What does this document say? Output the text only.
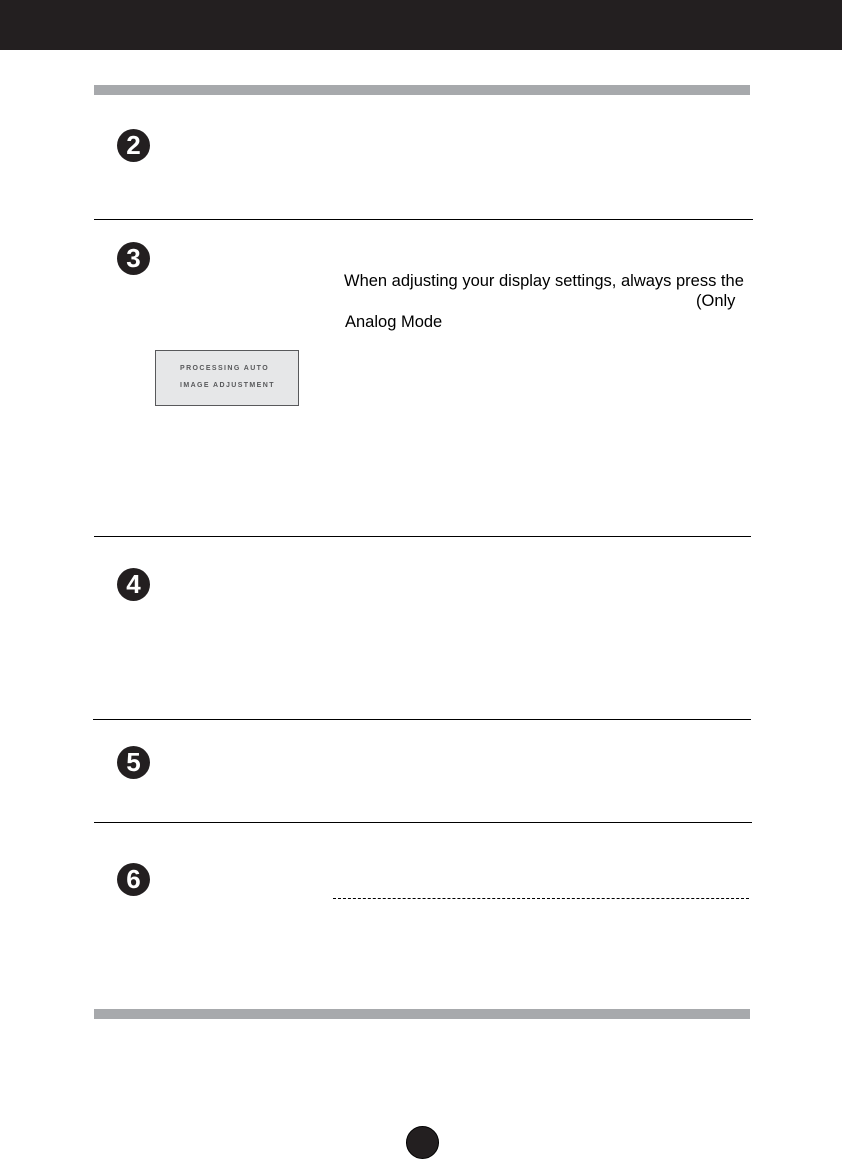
2
3
When adjusting your display settings, always press the
(Only
Analog Mode
PROCESSING AUTO
IMAGE ADJUSTMENT
4
5
6
